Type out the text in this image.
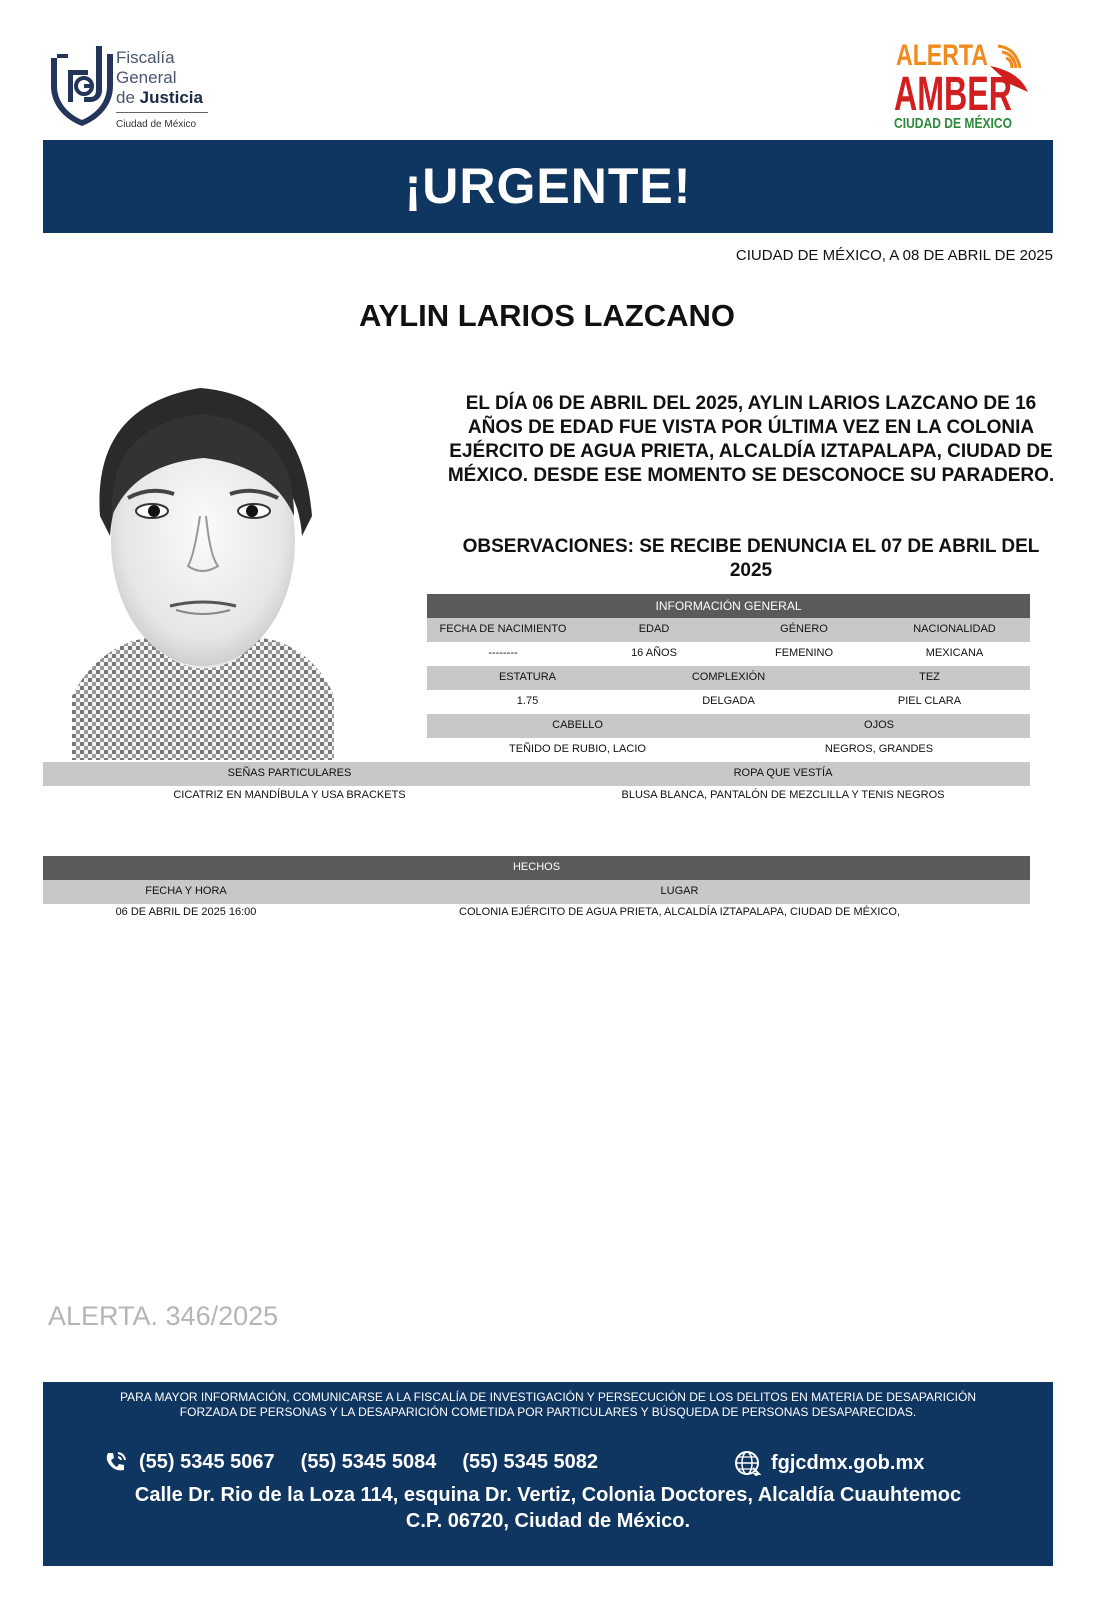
Fiscalía
General
de Justicia
Ciudad de México
ALERTA
AMBER
CIUDAD DE MÉXICO
¡URGENTE!
CIUDAD DE MÉXICO, A 08 DE ABRIL DE 2025
AYLIN LARIOS LAZCANO
EL DÍA 06 DE ABRIL DEL 2025, AYLIN LARIOS LAZCANO DE 16 AÑOS DE EDAD FUE VISTA POR ÚLTIMA VEZ EN LA COLONIA EJÉRCITO DE AGUA PRIETA, ALCALDÍA IZTAPALAPA, CIUDAD DE MÉXICO. DESDE ESE MOMENTO SE DESCONOCE SU PARADERO.
OBSERVACIONES: SE RECIBE DENUNCIA EL 07 DE ABRIL DEL 2025
INFORMACIÓN GENERAL
FECHA DE NACIMIENTO	EDAD	GÉNERO	NACIONALIDAD
--------	16 AÑOS	FEMENINO	MEXICANA
ESTATURA	COMPLEXIÓN	TEZ
1.75	DELGADA	PIEL CLARA
CABELLO	OJOS
TEÑIDO DE RUBIO, LACIO	NEGROS, GRANDES
SEÑAS PARTICULARES	ROPA QUE VESTÍA
CICATRIZ EN MANDÍBULA Y USA BRACKETS	BLUSA BLANCA, PANTALÓN DE MEZCLILLA Y TENIS NEGROS
HECHOS
FECHA Y HORA	LUGAR
06 DE ABRIL DE 2025 16:00	COLONIA EJÉRCITO DE AGUA PRIETA, ALCALDÍA IZTAPALAPA, CIUDAD DE MÉXICO,
ALERTA. 346/2025
PARA MAYOR INFORMACIÓN, COMUNICARSE A LA FISCALÍA DE INVESTIGACIÓN Y PERSECUCIÓN DE LOS DELITOS EN MATERIA DE DESAPARICIÓN
FORZADA DE PERSONAS Y LA DESAPARICIÓN COMETIDA POR PARTICULARES Y BÚSQUEDA DE PERSONAS DESAPARECIDAS.
(55) 5345 5067 (55) 5345 5084 (55) 5345 5082	fgjcdmx.gob.mx
Calle Dr. Rio de la Loza 114, esquina Dr. Vertiz, Colonia Doctores, Alcaldía Cuauhtemoc
C.P. 06720, Ciudad de México.
